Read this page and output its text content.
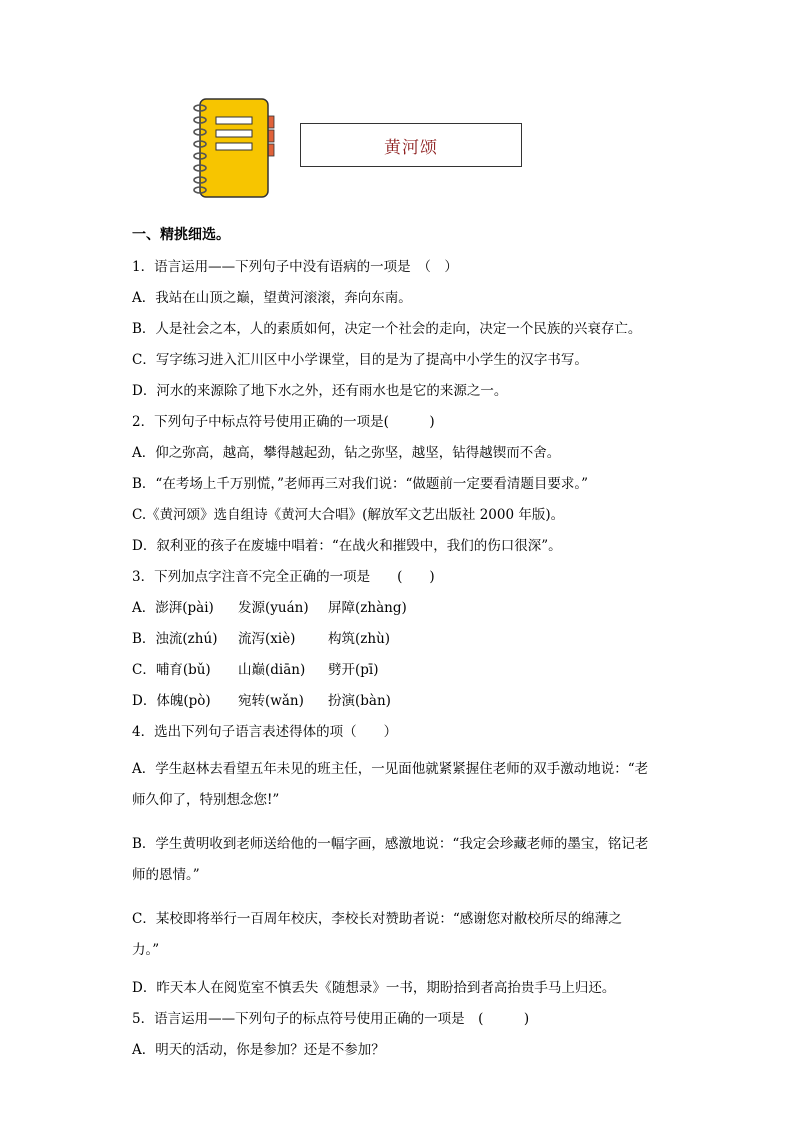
黄河颂
一、精挑细选。
1．语言运用——下列句子中没有语病的一项是　（　）
A．我站在山顶之巅，望黄河滚滚，奔向东南。
B．人是社会之本，人的素质如何，决定一个社会的走向，决定一个民族的兴衰存亡。
C．写字练习进入汇川区中小学课堂，目的是为了提高中小学生的汉字书写。
D．河水的来源除了地下水之外，还有雨水也是它的来源之一。
2．下列句子中标点符号使用正确的一项是(　　　)
A．仰之弥高，越高，攀得越起劲，钻之弥坚，越坚，钻得越锲而不舍。
B．“在考场上千万别慌，”老师再三对我们说：“做题前一定要看清题目要求。”
C.《黄河颂》选自组诗《黄河大合唱》(解放军文艺出版社 2000 年版)。
D．叙利亚的孩子在废墟中唱着：“在战火和摧毁中，我们的伤口很深”。
3．下列加点字注音不完全正确的一项是　　(　　)
A．澎湃(pài) 发源(yuán) 屏障(zhàng)
B．浊流(zhú) 流泻(xiè) 构筑(zhù)
C．哺育(bǔ) 山巅(diān) 劈开(pī)
D．体魄(pò) 宛转(wǎn) 扮演(bàn)
4．选出下列句子语言表述得体的项（　　）
A．学生赵林去看望五年未见的班主任，一见面他就紧紧握住老师的双手激动地说：“老
师久仰了，特别想念您!”
B．学生黄明收到老师送给他的一幅字画，感激地说：“我定会珍藏老师的墨宝，铭记老
师的恩情。”
C．某校即将举行一百周年校庆，李校长对赞助者说：“感谢您对敝校所尽的绵薄之
力。”
D．昨天本人在阅览室不慎丢失《随想录》一书，期盼拾到者高抬贵手马上归还。
5．语言运用——下列句子的标点符号使用正确的一项是　(　　　)
A．明天的活动，你是参加？还是不参加？
